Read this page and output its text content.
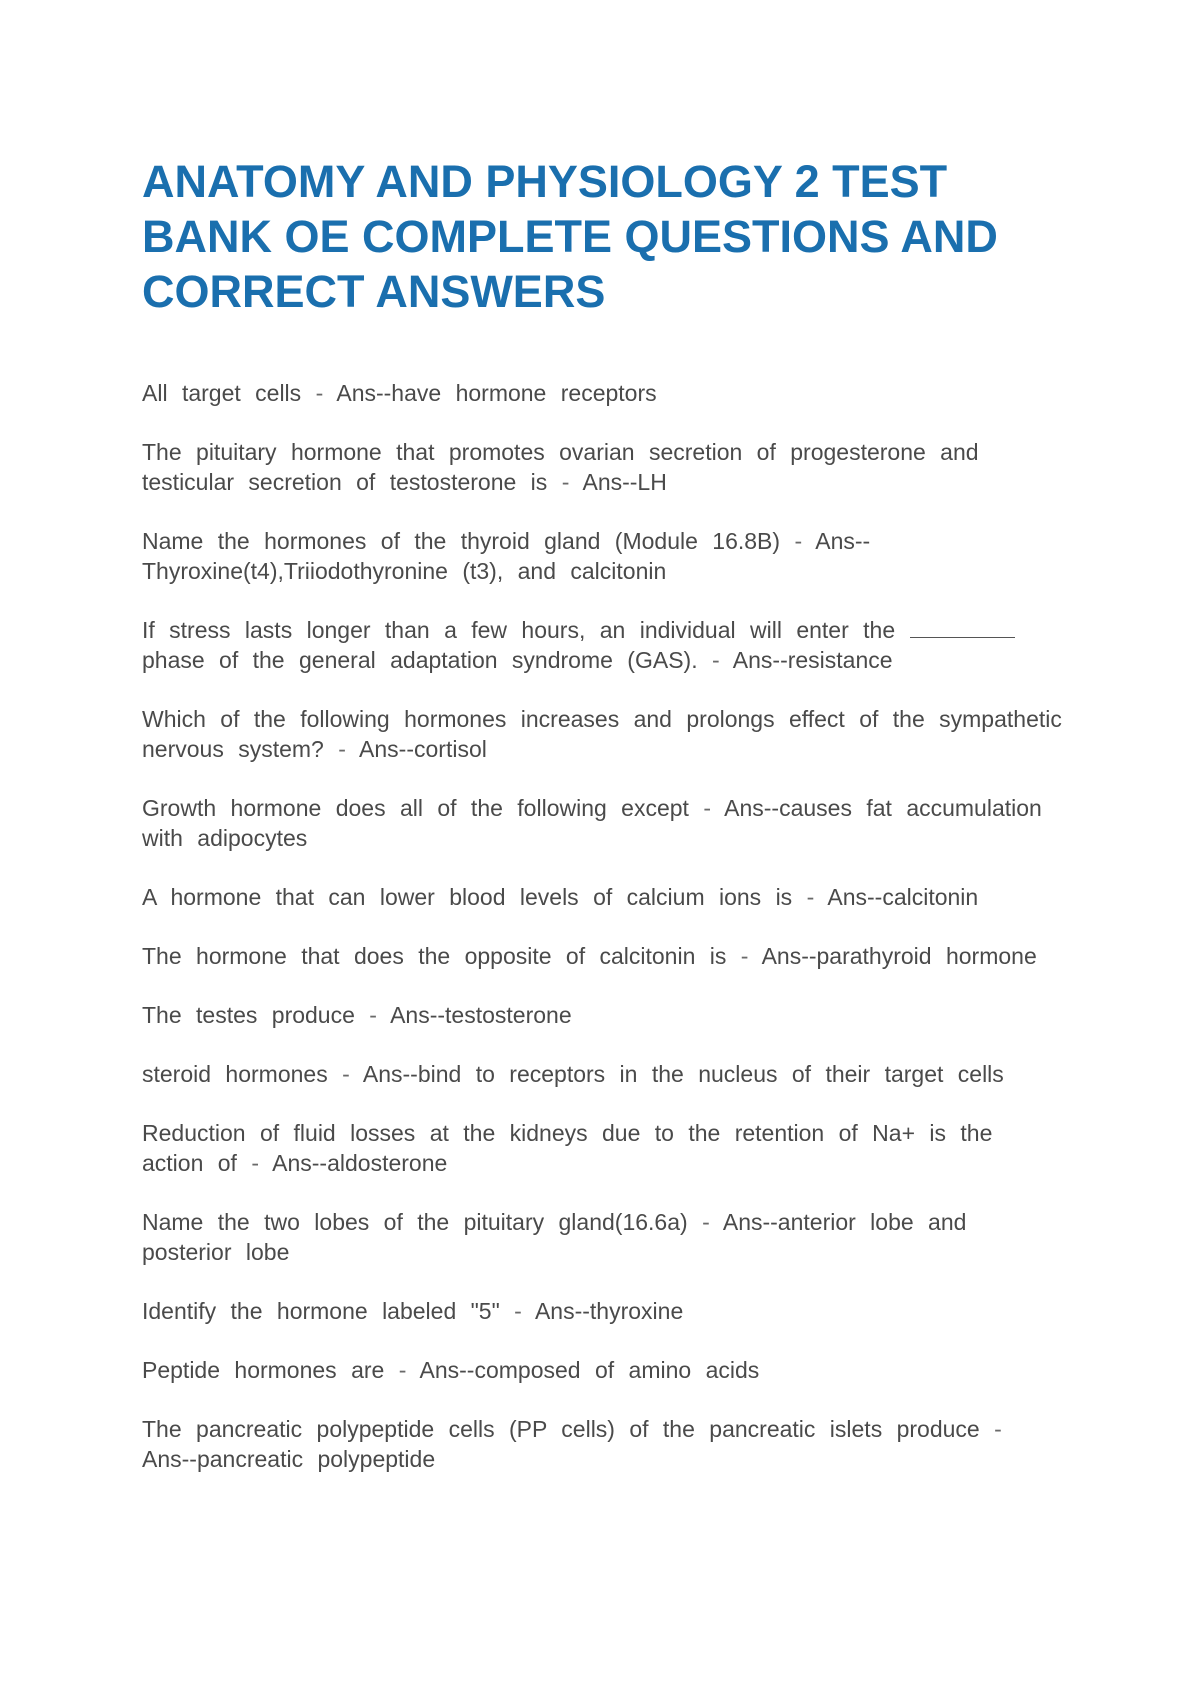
ANATOMY AND PHYSIOLOGY 2 TEST BANK OE COMPLETE QUESTIONS AND CORRECT ANSWERS

All target cells - Ans--have hormone receptors

The pituitary hormone that promotes ovarian secretion of progesterone and testicular secretion of testosterone is - Ans--LH

Name the hormones of the thyroid gland (Module 16.8B) - Ans--Thyroxine(t4),Triiodothyronine (t3), and calcitonin

If stress lasts longer than a few hours, an individual will enter the  phase of the general adaptation syndrome (GAS). - Ans--resistance

Which of the following hormones increases and prolongs effect of the sympathetic nervous system? - Ans--cortisol

Growth hormone does all of the following except - Ans--causes fat accumulation with adipocytes

A hormone that can lower blood levels of calcium ions is - Ans--calcitonin

The hormone that does the opposite of calcitonin is - Ans--parathyroid hormone

The testes produce - Ans--testosterone

steroid hormones - Ans--bind to receptors in the nucleus of their target cells

Reduction of fluid losses at the kidneys due to the retention of Na+ is the action of - Ans--aldosterone

Name the two lobes of the pituitary gland(16.6a) - Ans--anterior lobe and posterior lobe

Identify the hormone labeled "5" - Ans--thyroxine

Peptide hormones are - Ans--composed of amino acids

The pancreatic polypeptide cells (PP cells) of the pancreatic islets produce - Ans--pancreatic polypeptide
